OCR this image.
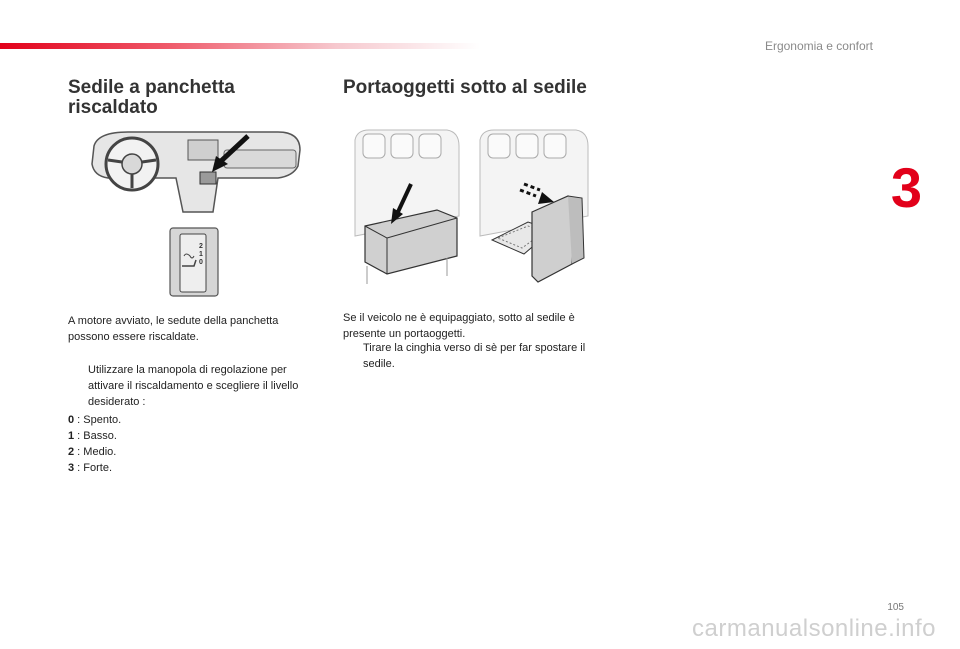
Ergonomia e confort
3
Sedile a panchetta riscaldato
2
1
0
A motore avviato, le sedute della panchetta possono essere riscaldate.
Utilizzare la manopola di regolazione per attivare il riscaldamento e scegliere il livello desiderato :
0 : Spento.
1 : Basso.
2 : Medio.
3 : Forte.
Portaoggetti sotto al sedile
Se il veicolo ne è equipaggiato, sotto al sedile è presente un portaoggetti.
Tirare la cinghia verso di sè per far spostare il sedile.
105
carmanualsonline.info
